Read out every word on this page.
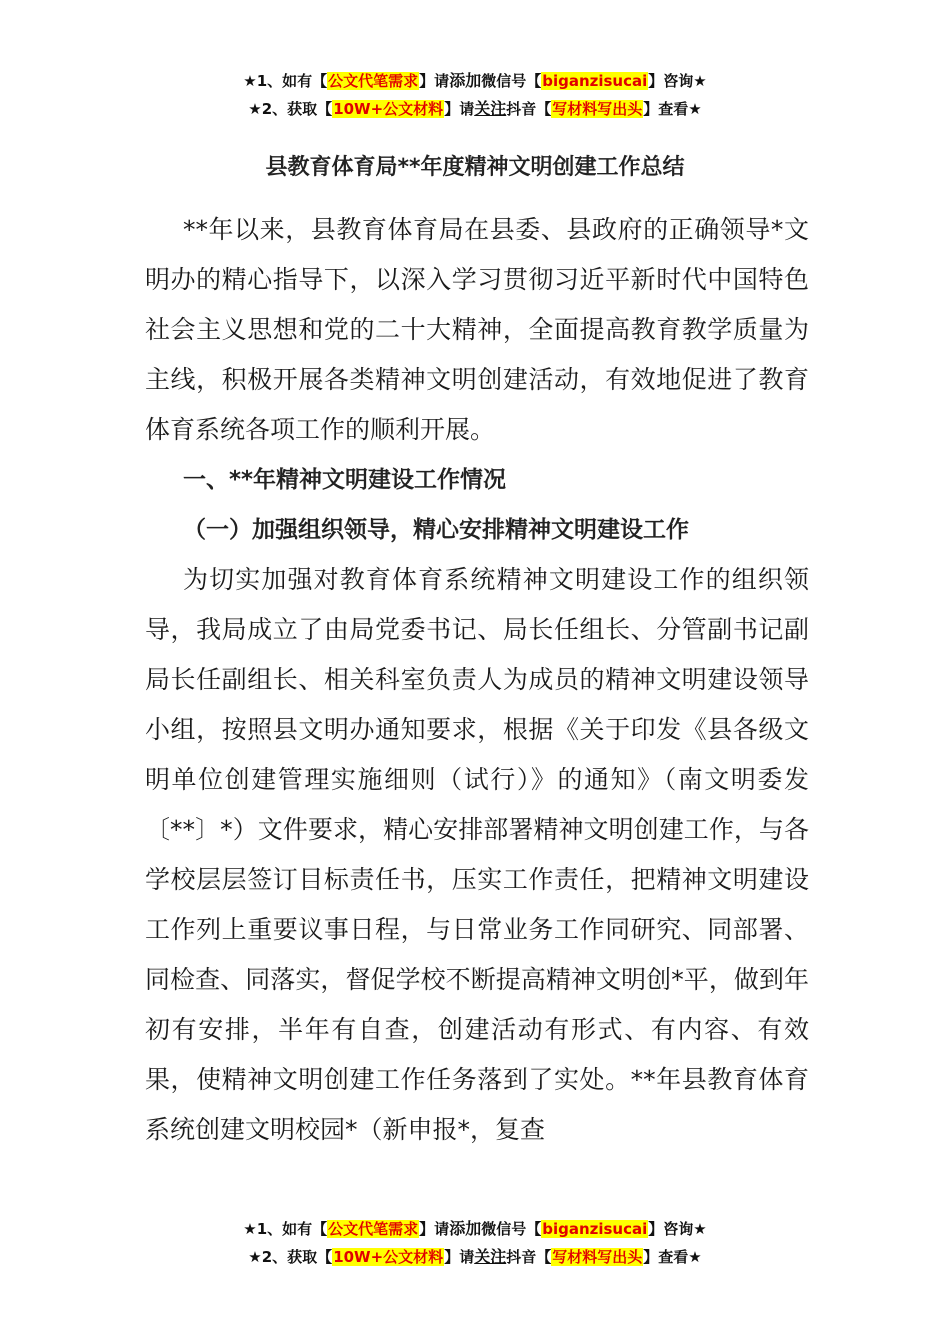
★1、如有【公文代笔需求】请添加微信号【biganzisucai】咨询★
★2、获取【10W+公文材料】请关注抖音【写材料写出头】查看★
县教育体育局**年度精神文明创建工作总结

**年以来，县教育体育局在县委、县政府的正确领导*文明办的精心指导下，以深入学习贯彻习近平新时代中国特色社会主义思想和党的二十大精神，全面提高教育教学质量为主线，积极开展各类精神文明创建活动，有效地促进了教育体育系统各项工作的顺利开展。

一、**年精神文明建设工作情况

（一）加强组织领导，精心安排精神文明建设工作

为切实加强对教育体育系统精神文明建设工作的组织领导，我局成立了由局党委书记、局长任组长、分管副书记副局长任副组长、相关科室负责人为成员的精神文明建设领导小组，按照县文明办通知要求，根据《关于印发《县各级文明单位创建管理实施细则（试行）》的通知》（南文明委发〔**〕*）文件要求，精心安排部署精神文明创建工作，与各学校层层签订目标责任书，压实工作责任，把精神文明建设工作列上重要议事日程，与日常业务工作同研究、同部署、同检查、同落实，督促学校不断提高精神文明创*平，做到年初有安排，半年有自查，创建活动有形式、有内容、有效果，使精神文明创建工作任务落到了实处。**年县教育体育系统创建文明校园*（新申报*，复查

★1、如有【公文代笔需求】请添加微信号【biganzisucai】咨询★
★2、获取【10W+公文材料】请关注抖音【写材料写出头】查看★
